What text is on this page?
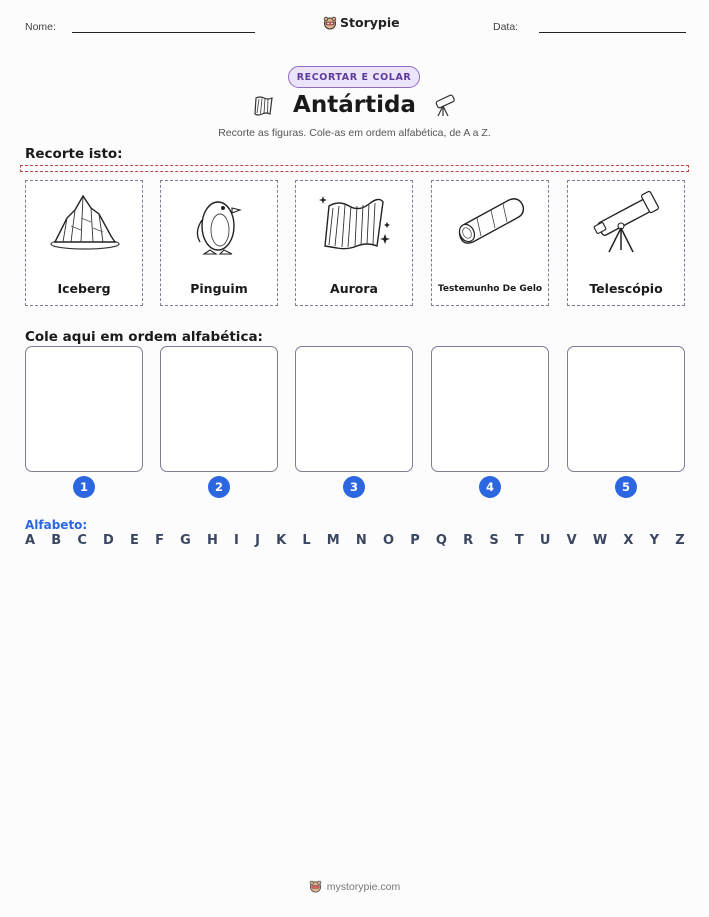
Nome:	Storypie	Data:
RECORTAR E COLAR
Antártida
Recorte as figuras. Cole-as em ordem alfabética, de A a Z.
Recorte isto:
Iceberg	Pinguim	Aurora	Testemunho De Gelo	Telescópio
Cole aqui em ordem alfabética:
1	2	3	4	5
Alfabeto:
A B C D E F G H I J K L M N O P Q R S T U V W X Y Z
mystorypie.com
